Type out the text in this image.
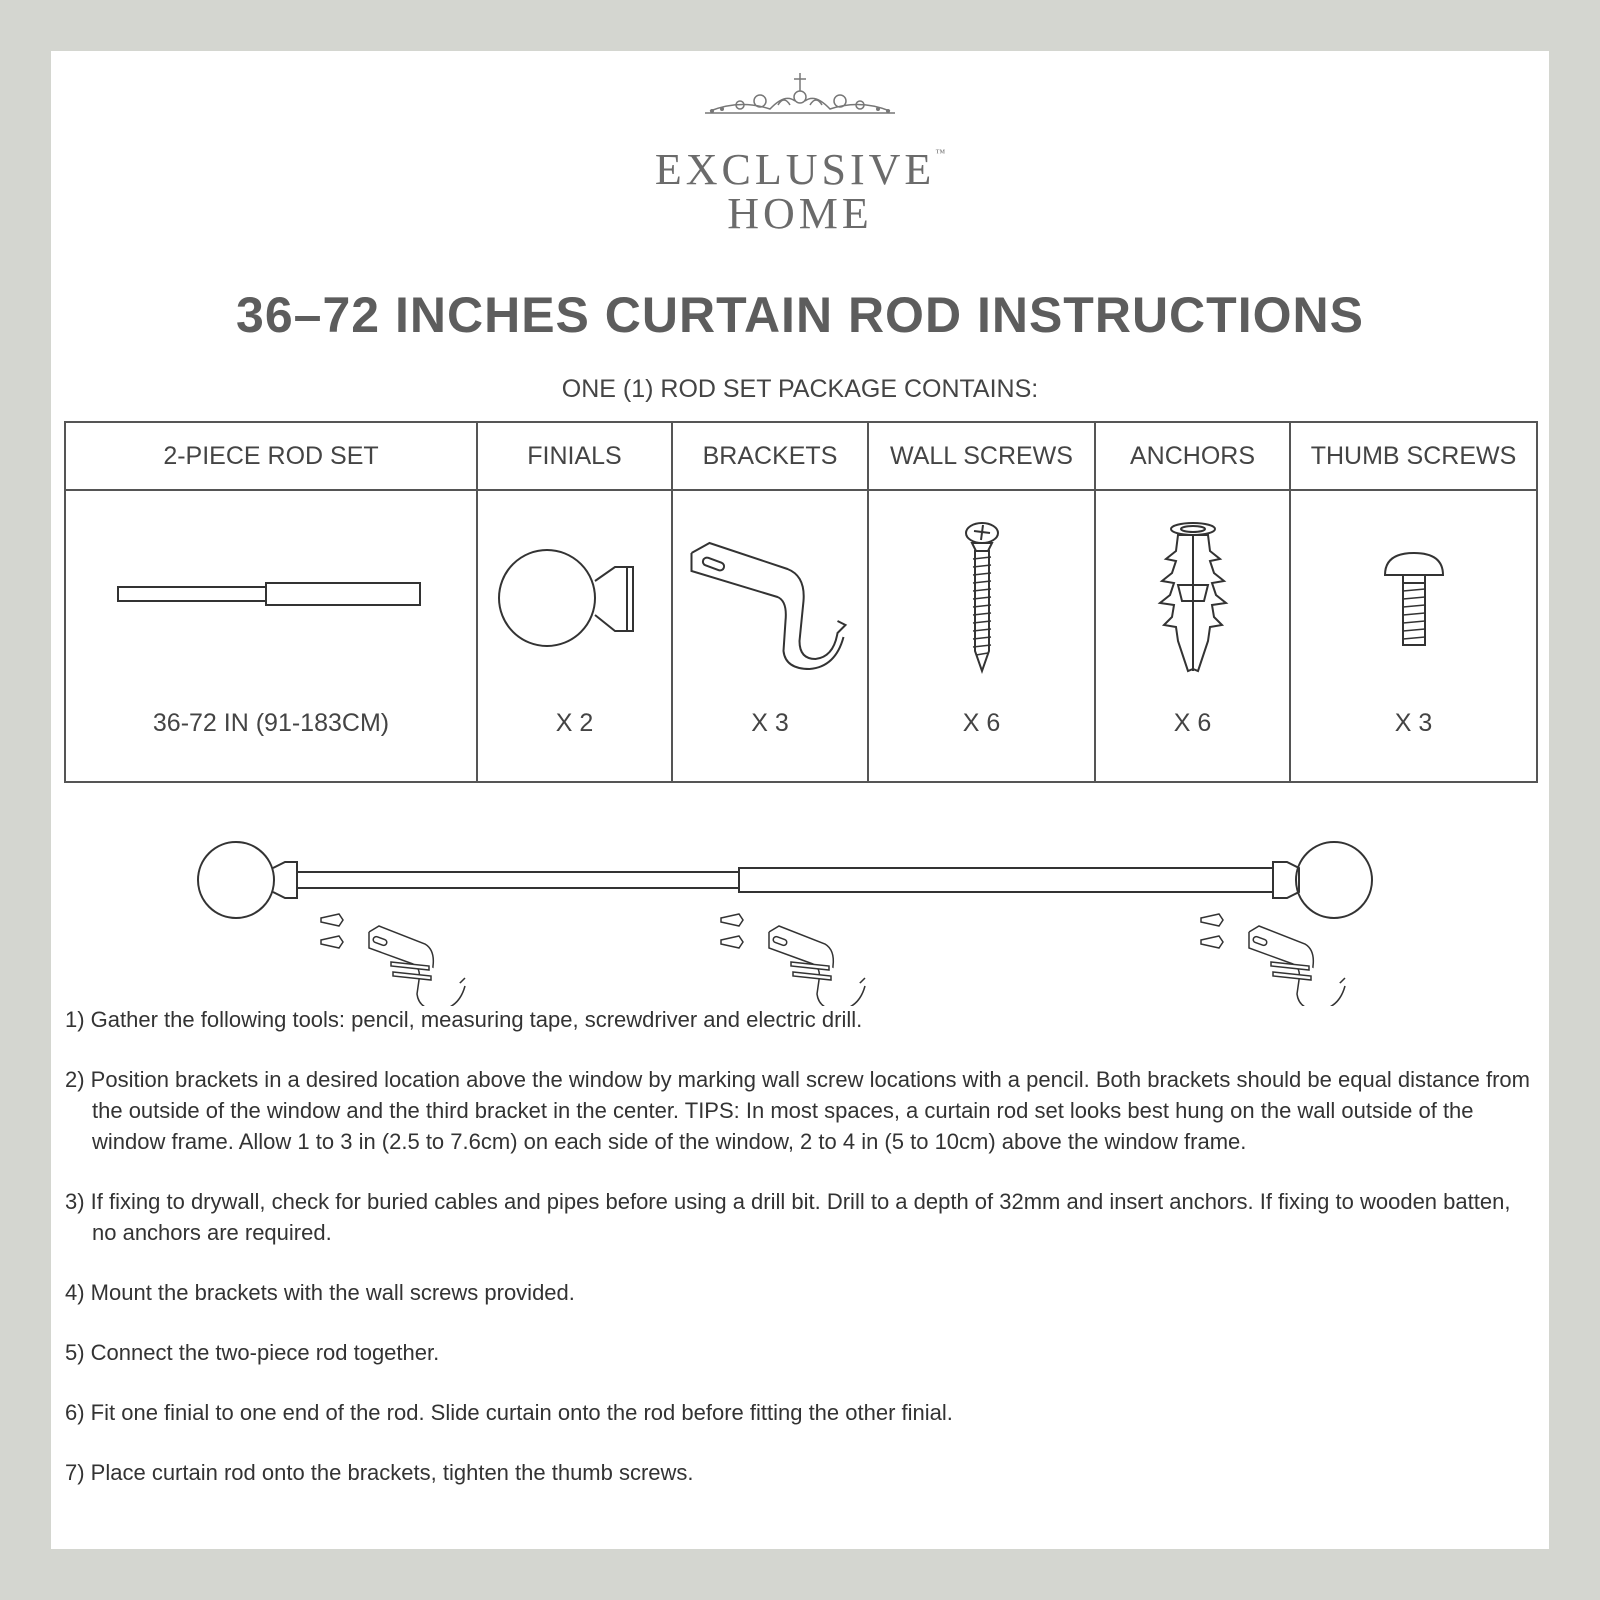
EXCLUSIVE™
HOME
36–72 INCHES CURTAIN ROD INSTRUCTIONS
ONE (1) ROD SET PACKAGE CONTAINS:
2-PIECE ROD SET	FINIALS	BRACKETS	WALL SCREWS	ANCHORS	THUMB SCREWS

36-72 IN (91-183CM)	X 2	X 3	X 6	X 6	X 3
1) Gather the following tools: pencil, measuring tape, screwdriver and electric drill.
2) Position brackets in a desired location above the window by marking wall screw locations with a pencil. Both brackets should be equal distance from the outside of the window and the third bracket in the center. TIPS: In most spaces, a curtain rod set looks best hung on the wall outside of the window frame. Allow 1 to 3 in (2.5 to 7.6cm) on each side of the window, 2 to 4 in (5 to 10cm) above the window frame.
3) If fixing to drywall, check for buried cables and pipes before using a drill bit. Drill to a depth of 32mm and insert anchors. If fixing to wooden batten, no anchors are required.
4) Mount the brackets with the wall screws provided.
5) Connect the two-piece rod together.
6) Fit one finial to one end of the rod. Slide curtain onto the rod before fitting the other finial.
7) Place curtain rod onto the brackets, tighten the thumb screws.
